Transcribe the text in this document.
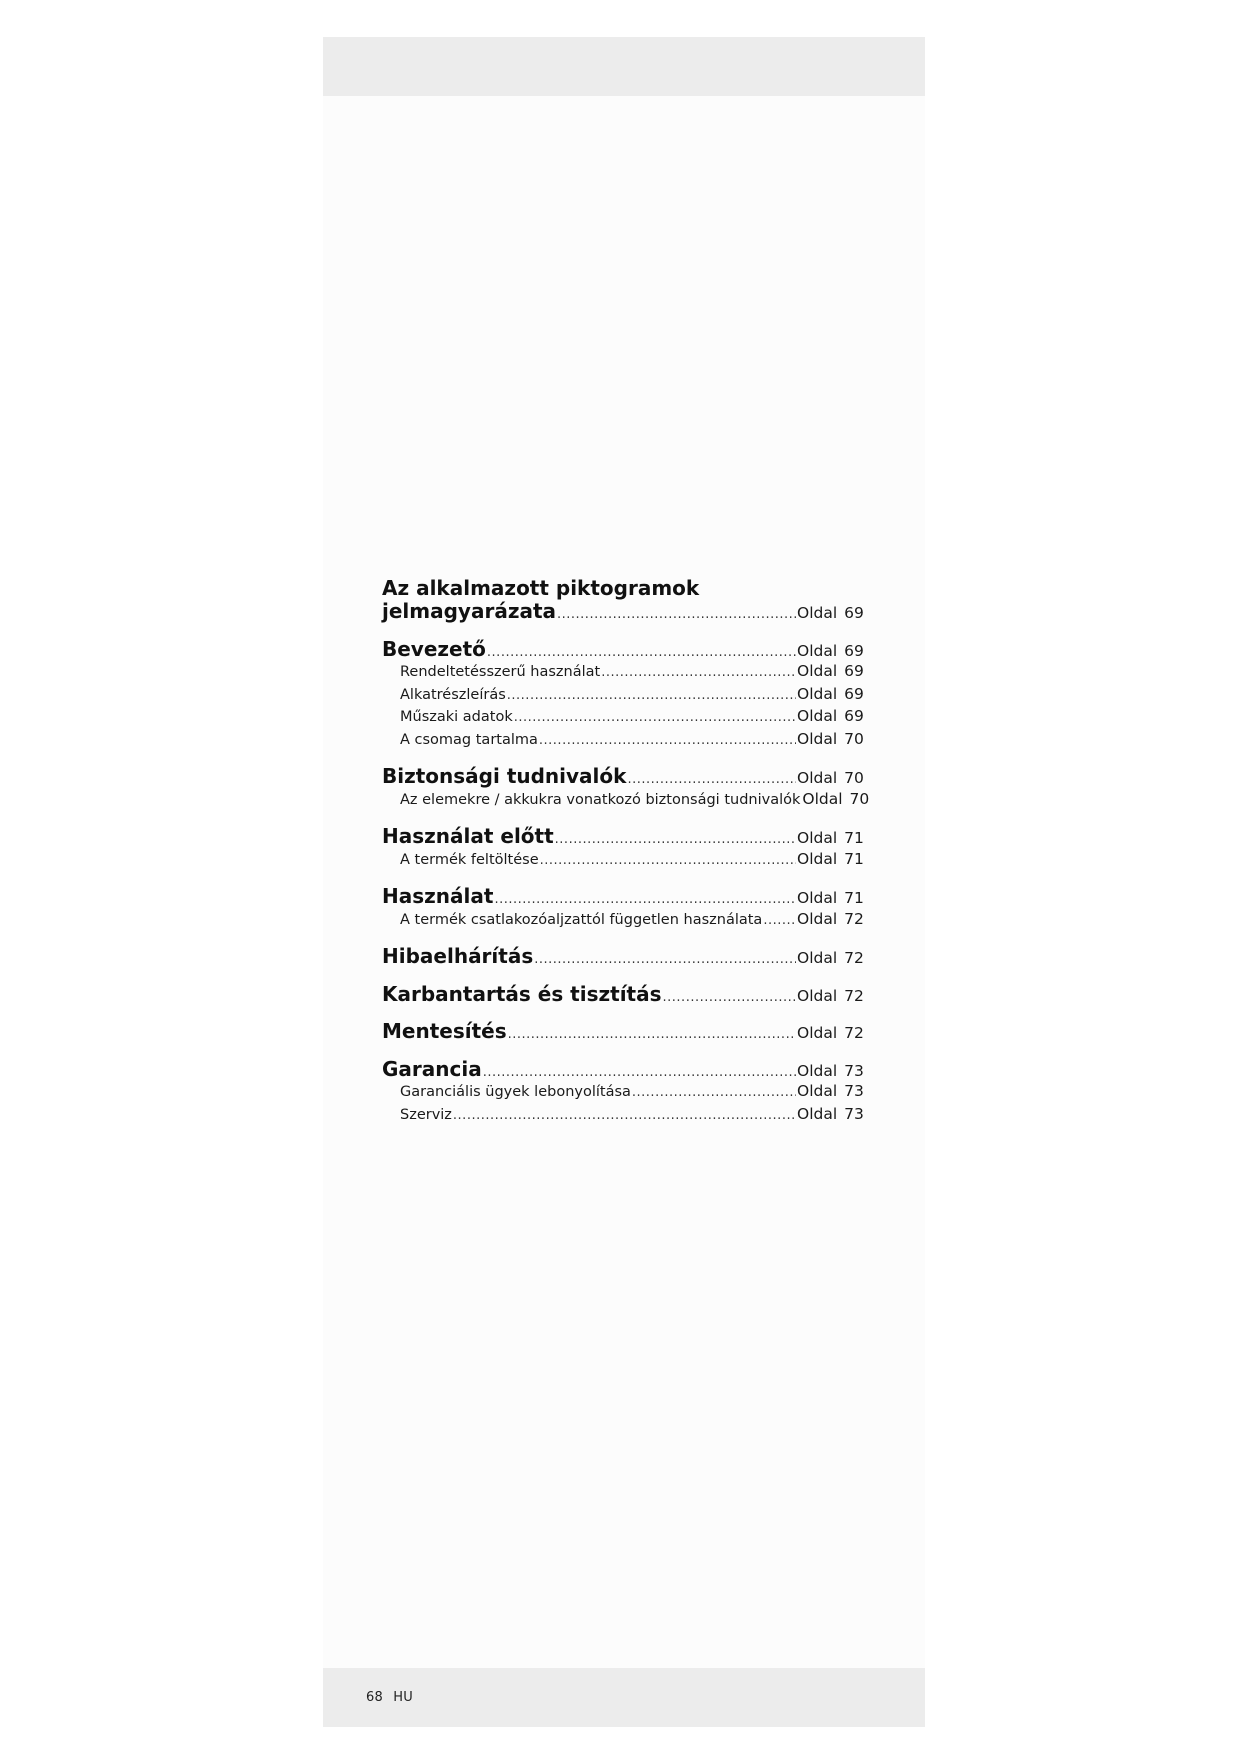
Az alkalmazott piktogramok
jelmagyarázata .....	Oldal 69
Bevezető .....	Oldal 69
Rendeltetésszerű használat .....	Oldal 69
Alkatrészleírás .....	Oldal 69
Műszaki adatok .....	Oldal 69
A csomag tartalma .....	Oldal 70
Biztonsági tudnivalók .....	Oldal 70
Az elemekre / akkukra vonatkozó biztonsági tudnivalók Oldal 70
Használat előtt .....	Oldal 71
A termék feltöltése .....	Oldal 71
Használat .....	Oldal 71
A termék csatlakozóaljzattól független használata ..... Oldal 72
Hibaelhárítás .....	Oldal 72
Karbantartás és tisztítás .....	Oldal 72
Mentesítés .....	Oldal 72
Garancia .....	Oldal 73
Garanciális ügyek lebonyolítása .....	Oldal 73
Szerviz .....	Oldal 73
68 HU
